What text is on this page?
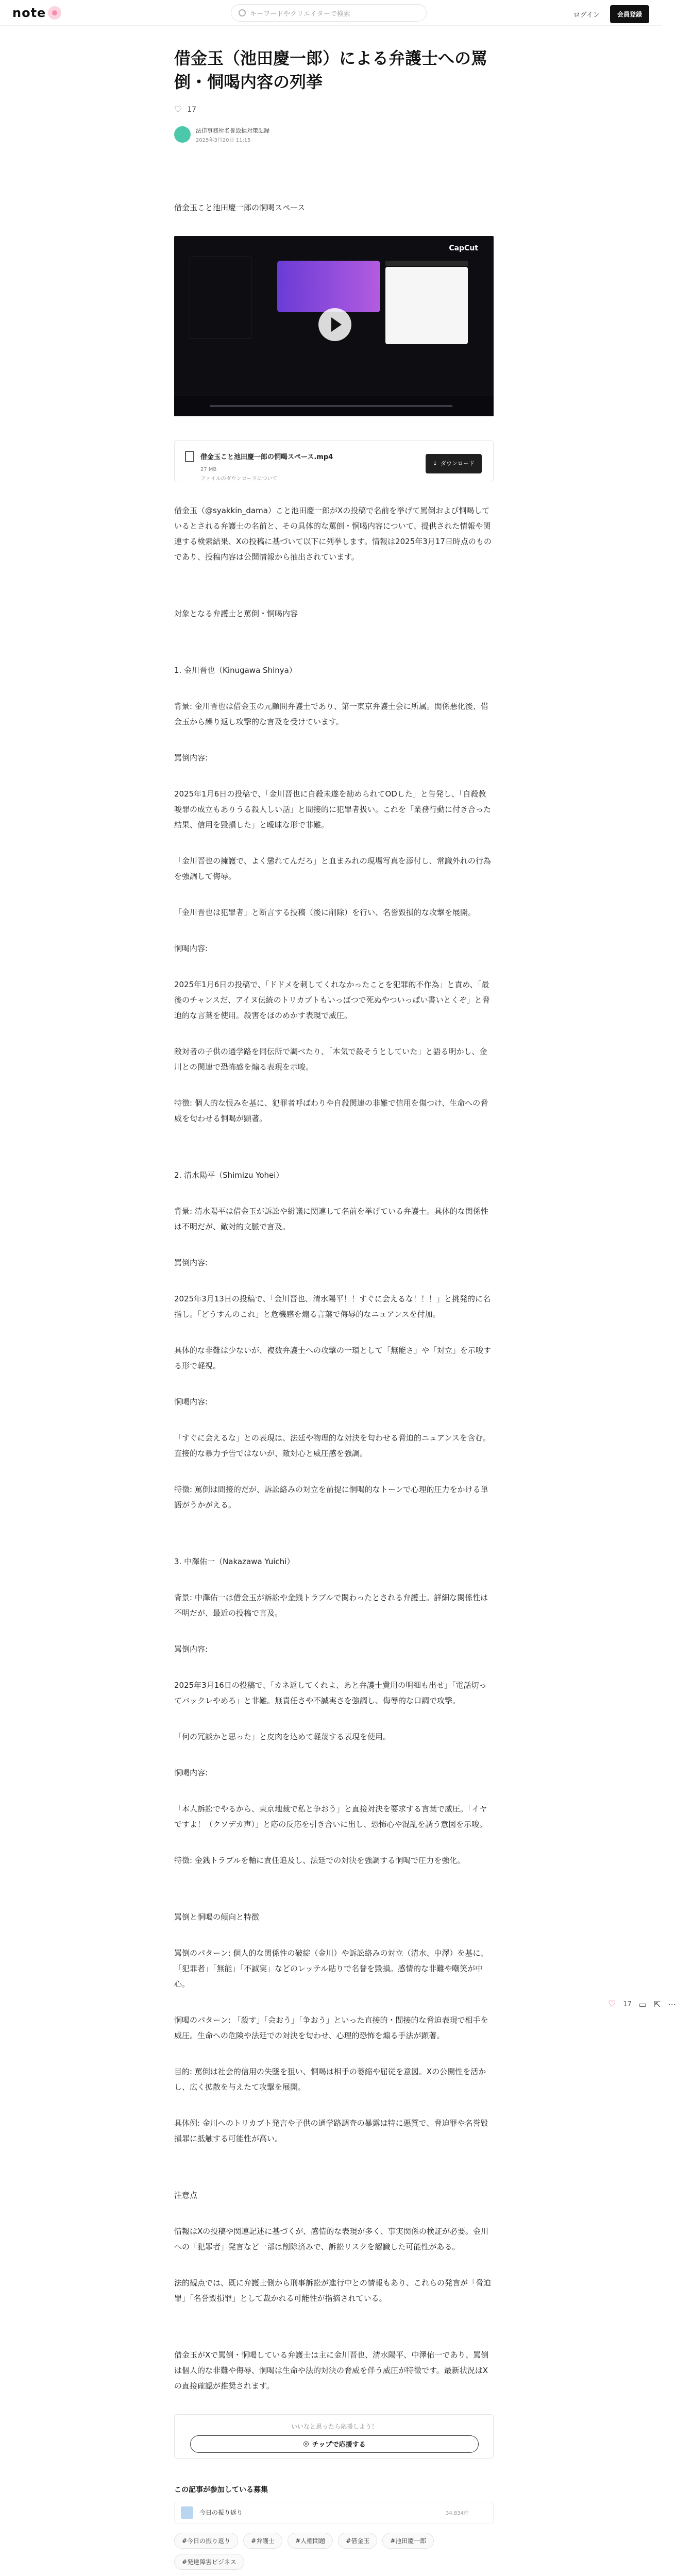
note	キーワードやクリエイターで検索	ログイン	会員登録
借金玉（池田慶一郎）による弁護士への罵倒・恫喝内容の列挙
♡ 17
法律事務所名誉毀損対策記録
2025年3月20日 11:15

借金玉こと池田慶一郎の恫喝スペース

CapCut
借金玉こと池田慶一郎の恫喝スペース.mp4
27 MB
ファイルのダウンロードについて
↓ ダウンロード

借金玉（@syakkin_dama）こと池田慶一郎がXの投稿で名前を挙げて罵倒および恫喝しているとされる弁護士の名前と、その具体的な罵倒・恫喝内容について、提供された情報や関連する検索結果、Xの投稿に基づいて以下に列挙します。情報は2025年3月17日時点のものであり、投稿内容は公開情報から抽出されています。

対象となる弁護士と罵倒・恫喝内容

1. 金川晋也（Kinugawa Shinya）

背景: 金川晋也は借金玉の元顧問弁護士であり、第一東京弁護士会に所属。関係悪化後、借金玉から繰り返し攻撃的な言及を受けています。

罵倒内容:

2025年1月6日の投稿で、「金川晋也に自殺未遂を勧められてODした」と告発し、「自殺教唆罪の成立もありうる殺人しい話」と間接的に犯罪者扱い。これを「業務行動に付き合った結果、信用を毀損した」と曖昧な形で非難。

「金川晋也の擁護で、よく懲れてんだろ」と血まみれの現場写真を添付し、常識外れの行為を強調して侮辱。

「金川晋也は犯罪者」と断言する投稿（後に削除）を行い、名誉毀損的な攻撃を展開。

恫喝内容:

2025年1月6日の投稿で、「ドドメを刺してくれなかったことを犯罪的不作為」と責め、「最後のチャンスだ、アイヌ伝統のトリカブトもいっぱつで死ぬやついっぱい書いとくぞ」と脅迫的な言葉を使用。殺害をほのめかす表現で威圧。

敵対者の子供の通学路を同伝所で調べたり、「本気で殺そうとしていた」と語る明かし、金川との関連で恐怖感を煽る表現を示唆。

特徴: 個人的な恨みを基に、犯罪者呼ばわりや自殺関連の非難で信用を傷つけ、生命への脅威を匂わせる恫喝が顕著。

2. 清水陽平（Shimizu Yohei）

背景: 清水陽平は借金玉が訴訟や紛議に関連して名前を挙げている弁護士。具体的な関係性は不明だが、敵対的文脈で言及。

罵倒内容:

2025年3月13日の投稿で、「金川晋也、清水陽平！！すぐに会えるな！！！」と挑発的に名指し。「どうすんのこれ」と危機感を煽る言葉で侮辱的なニュアンスを付加。

具体的な非難は少ないが、複数弁護士への攻撃の一環として「無能さ」や「対立」を示唆する形で軽視。

恫喝内容:

「すぐに会えるな」との表現は、法廷や物理的な対決を匂わせる脅迫的ニュアンスを含む。直接的な暴力予告ではないが、敵対心と威圧感を強調。

特徴: 罵倒は間接的だが、訴訟絡みの対立を前提に恫喝的なトーンで心理的圧力をかける単語がうかがえる。

3. 中澤佑一（Nakazawa Yuichi）

背景: 中澤佑一は借金玉が訴訟や金銭トラブルで関わったとされる弁護士。詳細な関係性は不明だが、最近の投稿で言及。

罵倒内容:

2025年3月16日の投稿で、「カネ返してくれよ、あと弁護士費用の明細も出せ」「電話切ってバックレやめろ」と非難。無責任さや不誠実さを強調し、侮辱的な口調で攻撃。

「何の冗談かと思った」と皮肉を込めて軽蔑する表現を使用。

恫喝内容:

「本人訴訟でやるから、東京地裁で私と争おう」と直接対決を要求する言葉で威圧。「イヤですよ！（クソデカ声）」と応の反応を引き合いに出し、恐怖心や混乱を誘う意図を示唆。

特徴: 金銭トラブルを軸に責任追及し、法廷での対決を強調する恫喝で圧力を強化。

罵倒と恫喝の傾向と特徴

罵倒のパターン: 個人的な関係性の破綻（金川）や訴訟絡みの対立（清水、中澤）を基に、「犯罪者」「無能」「不誠実」などのレッテル貼りで名誉を毀損。感情的な非難や嘲笑が中心。

恫喝のパターン: 「殺す」「会おう」「争おう」といった直接的・間接的な脅迫表現で相手を威圧。生命への危険や法廷での対決を匂わせ、心理的恐怖を煽る手法が顕著。

目的: 罵倒は社会的信用の失墜を狙い、恫喝は相手の萎縮や屈従を意図。Xの公開性を活かし、広く拡散を与えたて攻撃を展開。

具体例: 金川へのトリカブト発言や子供の通学路調査の暴露は特に悪質で、脅迫罪や名誉毀損罪に抵触する可能性が高い。

注意点

情報はXの投稿や関連記述に基づくが、感情的な表現が多く、事実関係の検証が必要。金川への「犯罪者」発言など一部は削除済みで、訴訟リスクを認識した可能性がある。

法的観点では、既に弁護士側から刑事訴訟が進行中との情報もあり、これらの発言が「脅迫罪」「名誉毀損罪」として裁かれる可能性が指摘されている。

借金玉がXで罵倒・恫喝している弁護士は主に金川晋也、清水陽平、中澤佑一であり、罵倒は個人的な非難や侮辱、恫喝は生命や法的対決の脅威を伴う威圧が特徴です。最新状況はXの直接確認が推奨されます。

いいなと思ったら応援しよう！
◎ チップで応援する
この記事が参加している募集
今日の振り返り	34,834件
#今日の振り返り	#弁護士	#人権問題	#借金玉	#池田慶一郎
#発達障害ビジネス
♡ 17 ▭ ⇱ ⋯
